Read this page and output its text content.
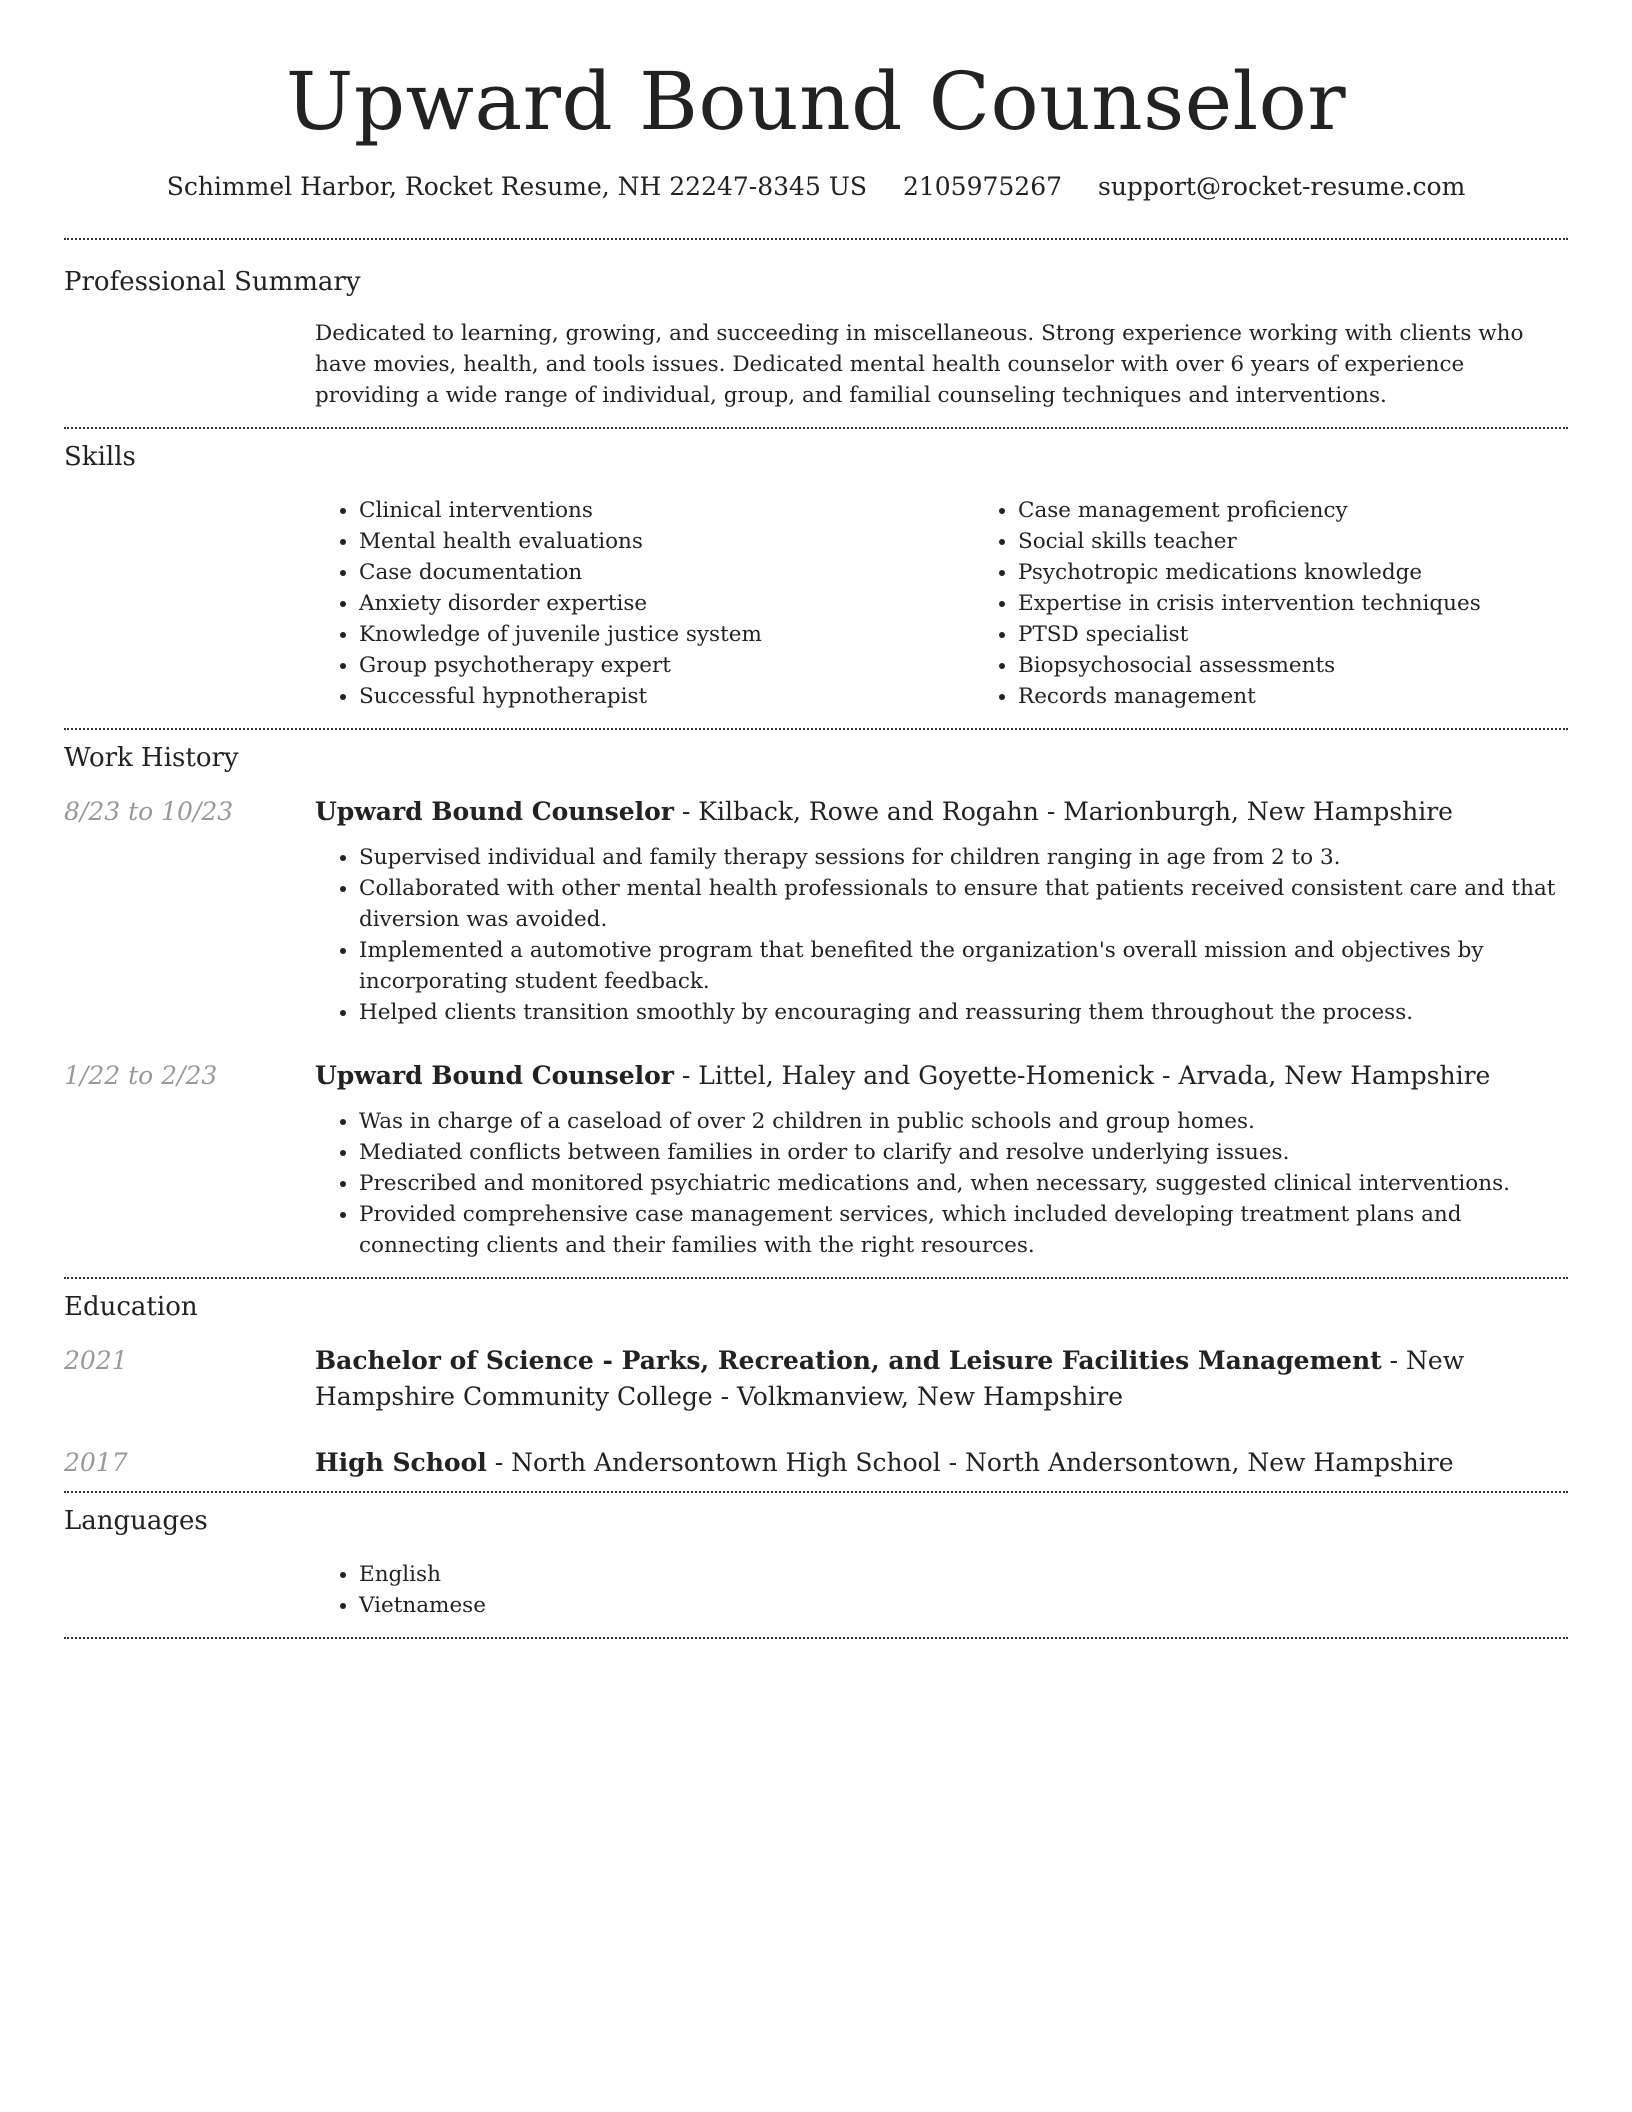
Upward Bound Counselor
Schimmel Harbor, Rocket Resume, NH 22247-8345 US 2105975267 support@rocket-resume.com
Professional Summary

Dedicated to learning, growing, and succeeding in miscellaneous. Strong experience working with clients who have movies, health, and tools issues. Dedicated mental health counselor with over 6 years of experience providing a wide range of individual, group, and familial counseling techniques and interventions.

Skills
• Clinical interventions
• Mental health evaluations
• Case documentation
• Anxiety disorder expertise
• Knowledge of juvenile justice system
• Group psychotherapy expert
• Successful hypnotherapist
• Case management proficiency
• Social skills teacher
• Psychotropic medications knowledge
• Expertise in crisis intervention techniques
• PTSD specialist
• Biopsychosocial assessments
• Records management
Work History
8/23 to 10/23	Upward Bound Counselor - Kilback, Rowe and Rogahn - Marionburgh, New Hampshire

• Supervised individual and family therapy sessions for children ranging in age from 2 to 3.
• Collaborated with other mental health professionals to ensure that patients received consistent care and that diversion was avoided.
• Implemented a automotive program that benefited the organization's overall mission and objectives by incorporating student feedback.
• Helped clients transition smoothly by encouraging and reassuring them throughout the process.
1/22 to 2/23	Upward Bound Counselor - Littel, Haley and Goyette-Homenick - Arvada, New Hampshire

• Was in charge of a caseload of over 2 children in public schools and group homes.
• Mediated conflicts between families in order to clarify and resolve underlying issues.
• Prescribed and monitored psychiatric medications and, when necessary, suggested clinical interventions.
• Provided comprehensive case management services, which included developing treatment plans and connecting clients and their families with the right resources.
Education
2021	Bachelor of Science - Parks, Recreation, and Leisure Facilities Management - New Hampshire Community College - Volkmanview, New Hampshire

2017	High School - North Andersontown High School - North Andersontown, New Hampshire

Languages
• English
• Vietnamese
